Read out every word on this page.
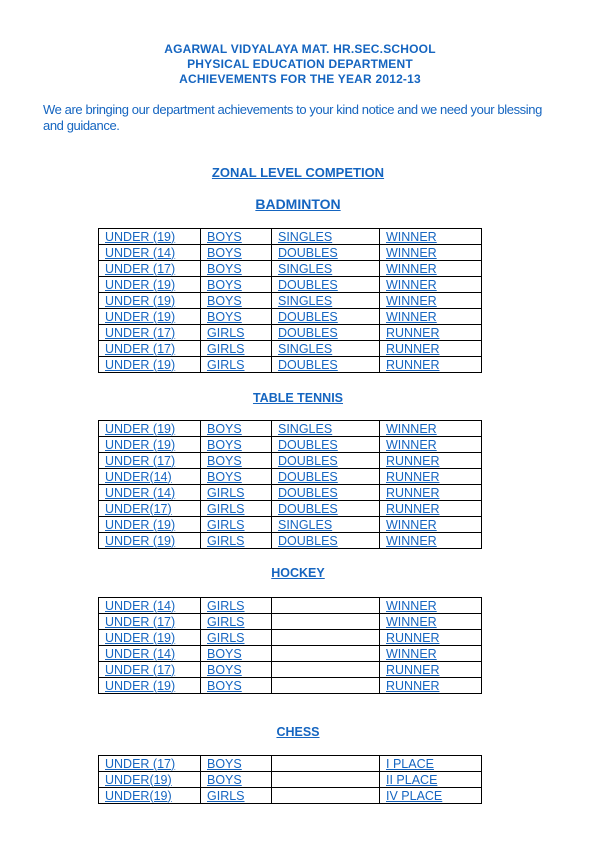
AGARWAL VIDYALAYA MAT. HR.SEC.SCHOOL
PHYSICAL EDUCATION DEPARTMENT
ACHIEVEMENTS FOR THE YEAR 2012-13
We are bringing our department achievements to your kind notice and we need your blessing and guidance.
ZONAL LEVEL COMPETION
BADMINTON
UNDER (19)	BOYS	SINGLES	WINNER
UNDER (14)	BOYS	DOUBLES	WINNER
UNDER (17)	BOYS	SINGLES	WINNER
UNDER (19)	BOYS	DOUBLES	WINNER
UNDER (19)	BOYS	SINGLES	WINNER
UNDER (19)	BOYS	DOUBLES	WINNER
UNDER (17)	GIRLS	DOUBLES	RUNNER
UNDER (17)	GIRLS	SINGLES	RUNNER
UNDER (19)	GIRLS	DOUBLES	RUNNER
TABLE TENNIS
UNDER (19)	BOYS	SINGLES	WINNER
UNDER (19)	BOYS	DOUBLES	WINNER
UNDER (17)	BOYS	DOUBLES	RUNNER
UNDER(14)	BOYS	DOUBLES	RUNNER
UNDER (14)	GIRLS	DOUBLES	RUNNER
UNDER(17)	GIRLS	DOUBLES	RUNNER
UNDER (19)	GIRLS	SINGLES	WINNER
UNDER (19)	GIRLS	DOUBLES	WINNER
HOCKEY
UNDER (14)	GIRLS		WINNER
UNDER (17)	GIRLS		WINNER
UNDER (19)	GIRLS		RUNNER
UNDER (14)	BOYS		WINNER
UNDER (17)	BOYS		RUNNER
UNDER (19)	BOYS		RUNNER
CHESS
UNDER (17)	BOYS		I PLACE
UNDER(19)	BOYS		II PLACE
UNDER(19)	GIRLS		IV PLACE
